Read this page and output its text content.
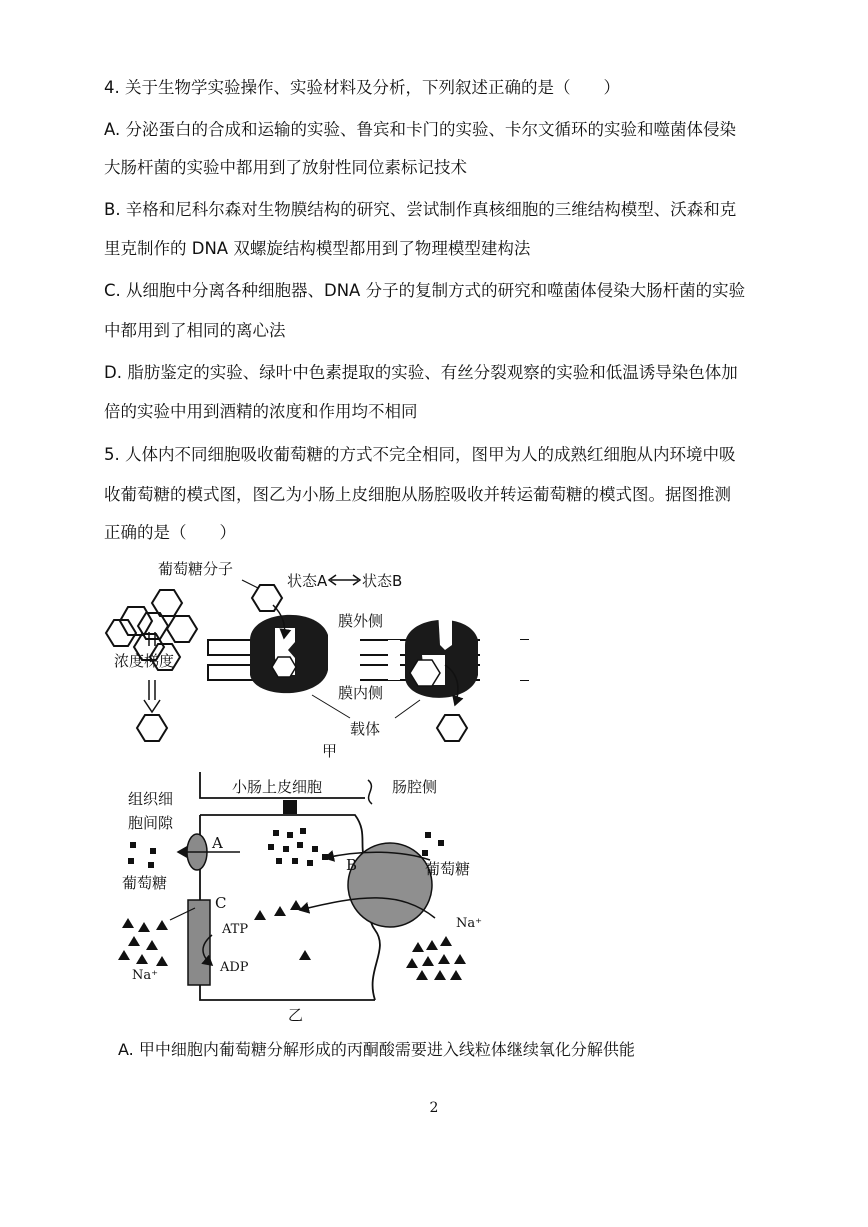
4. 关于生物学实验操作、实验材料及分析，下列叙述正确的是（　　）
A. 分泌蛋白的合成和运输的实验、鲁宾和卡门的实验、卡尔文循环的实验和噬菌体侵染
大肠杆菌的实验中都用到了放射性同位素标记技术
B. 辛格和尼科尔森对生物膜结构的研究、尝试制作真核细胞的三维结构模型、沃森和克
里克制作的 DNA 双螺旋结构模型都用到了物理模型建构法
C. 从细胞中分离各种细胞器、DNA 分子的复制方式的研究和噬菌体侵染大肠杆菌的实验
中都用到了相同的离心法
D. 脂肪鉴定的实验、绿叶中色素提取的实验、有丝分裂观察的实验和低温诱导染色体加
倍的实验中用到酒精的浓度和作用均不相同
5. 人体内不同细胞吸收葡萄糖的方式不完全相同，图甲为人的成熟红细胞从内环境中吸
收葡萄糖的模式图，图乙为小肠上皮细胞从肠腔吸收并转运葡萄糖的模式图。据图推测
正确的是（　　）
葡萄糖分子
状态A 状态B
浓度梯度
膜外侧
膜内侧
载体
甲
小肠上皮细胞	肠腔侧
组织细
胞间隙
葡萄糖
葡萄糖
A
B
C
ATP
ADP
Na⁺
Na⁺
乙
A. 甲中细胞内葡萄糖分解形成的丙酮酸需要进入线粒体继续氧化分解供能
2
